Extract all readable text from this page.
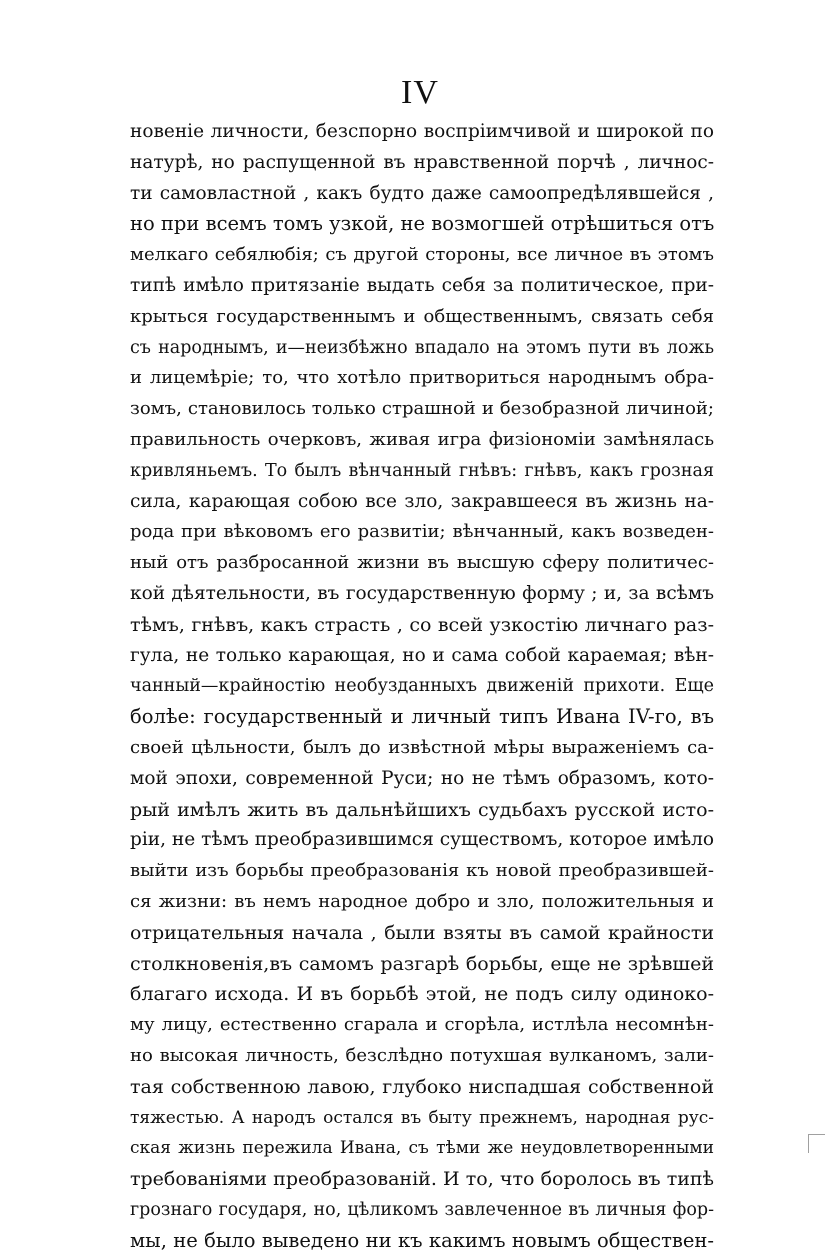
IV
новеніе личности, безспорно воспріимчивой и широкой по
натурѣ, но распущенной въ нравственной порчѣ , личнос-
ти самовластной , какъ будто даже самоопредѣлявшейся ,
но при всемъ томъ узкой, не возмогшей отрѣшиться отъ
мелкаго себялюбія; съ другой стороны, все личное въ этомъ
типѣ имѣло притязаніе выдать себя за политическое, при-
крыться государственнымъ и общественнымъ, связать себя
съ народнымъ, и—неизбѣжно впадало на этомъ пути въ ложь
и лицемѣріе; то, что хотѣло притвориться народнымъ обра-
зомъ, становилось только страшной и безобразной личиной;
правильность очерковъ, живая игра физіономіи замѣнялась
кривляньемъ. То былъ вѣнчанный гнѣвъ: гнѣвъ, какъ грозная
сила, карающая собою все зло, закравшееся въ жизнь на-
рода при вѣковомъ его развитіи; вѣнчанный, какъ возведен-
ный отъ разбросанной жизни въ высшую сферу политичес-
кой дѣятельности, въ государственную форму ; и, за всѣмъ
тѣмъ, гнѣвъ, какъ страсть , со всей узкостію личнаго раз-
гула, не только карающая, но и сама собой караемая; вѣн-
чанный—крайностію необузданныхъ движеній прихоти. Еще
болѣе: государственный и личный типъ Ивана IV-го, въ
своей цѣльности, былъ до извѣстной мѣры выраженіемъ са-
мой эпохи, современной Руси; но не тѣмъ образомъ, кото-
рый имѣлъ жить въ дальнѣйшихъ судьбахъ русской исто-
ріи, не тѣмъ преобразившимся существомъ, которое имѣло
выйти изъ борьбы преобразованія къ новой преобразившей-
ся жизни: въ немъ народное добро и зло, положительныя и
отрицательныя начала , были взяты въ самой крайности
столкновенія,въ самомъ разгарѣ борьбы, еще не зрѣвшей
благаго исхода. И въ борьбѣ этой, не подъ силу одиноко-
му лицу, естественно сгарала и сгорѣла, истлѣла несомнѣн-
но высокая личность, безслѣдно потухшая вулканомъ, зали-
тая собственною лавою, глубоко ниспадшая собственной
тяжестью. А народъ остался въ быту прежнемъ, народная рус-
ская жизнь пережила Ивана, съ тѣми же неудовлетворенными
требованіями преобразованій. И то, что боролось въ типѣ
грознаго государя, но, цѣликомъ завлеченное въ личныя фор-
мы, не было выведено ни къ какимъ новымъ обществен-
